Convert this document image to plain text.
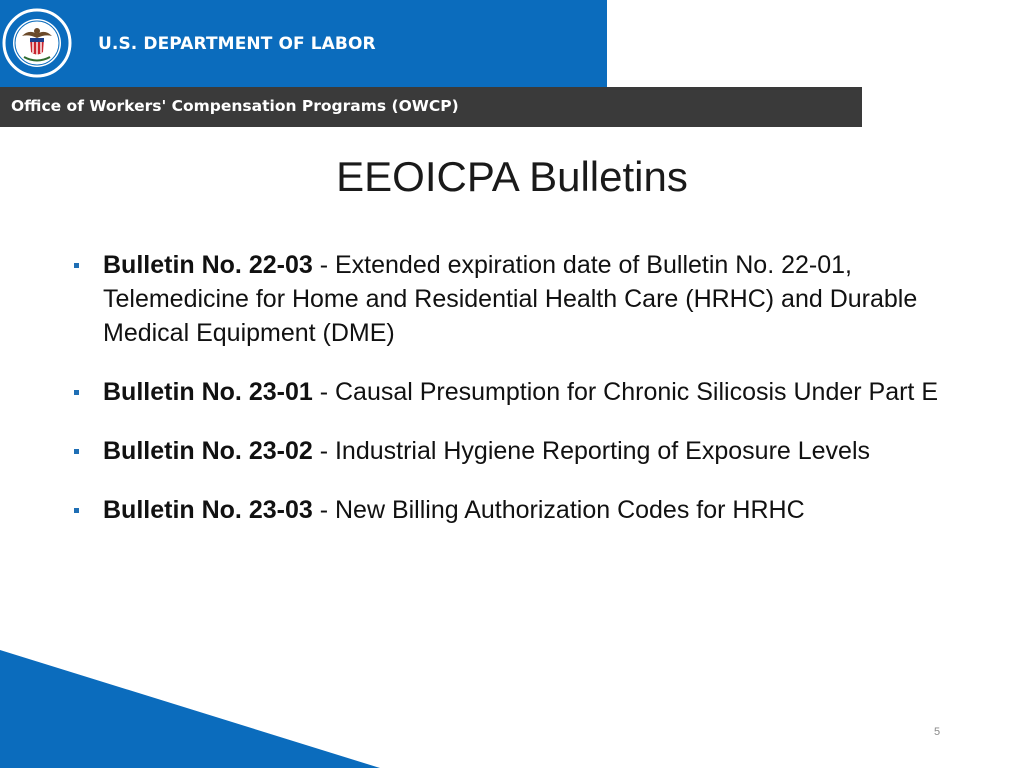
U.S. DEPARTMENT OF LABOR
Office of Workers' Compensation Programs (OWCP)
EEOICPA Bulletins
Bulletin No. 22-03 - Extended expiration date of Bulletin No. 22-01, Telemedicine for Home and Residential Health Care (HRHC) and Durable Medical Equipment (DME)
Bulletin No. 23-01 - Causal Presumption for Chronic Silicosis Under Part E
Bulletin No. 23-02 - Industrial Hygiene Reporting of Exposure Levels
Bulletin No. 23-03 - New Billing Authorization Codes for HRHC
5
